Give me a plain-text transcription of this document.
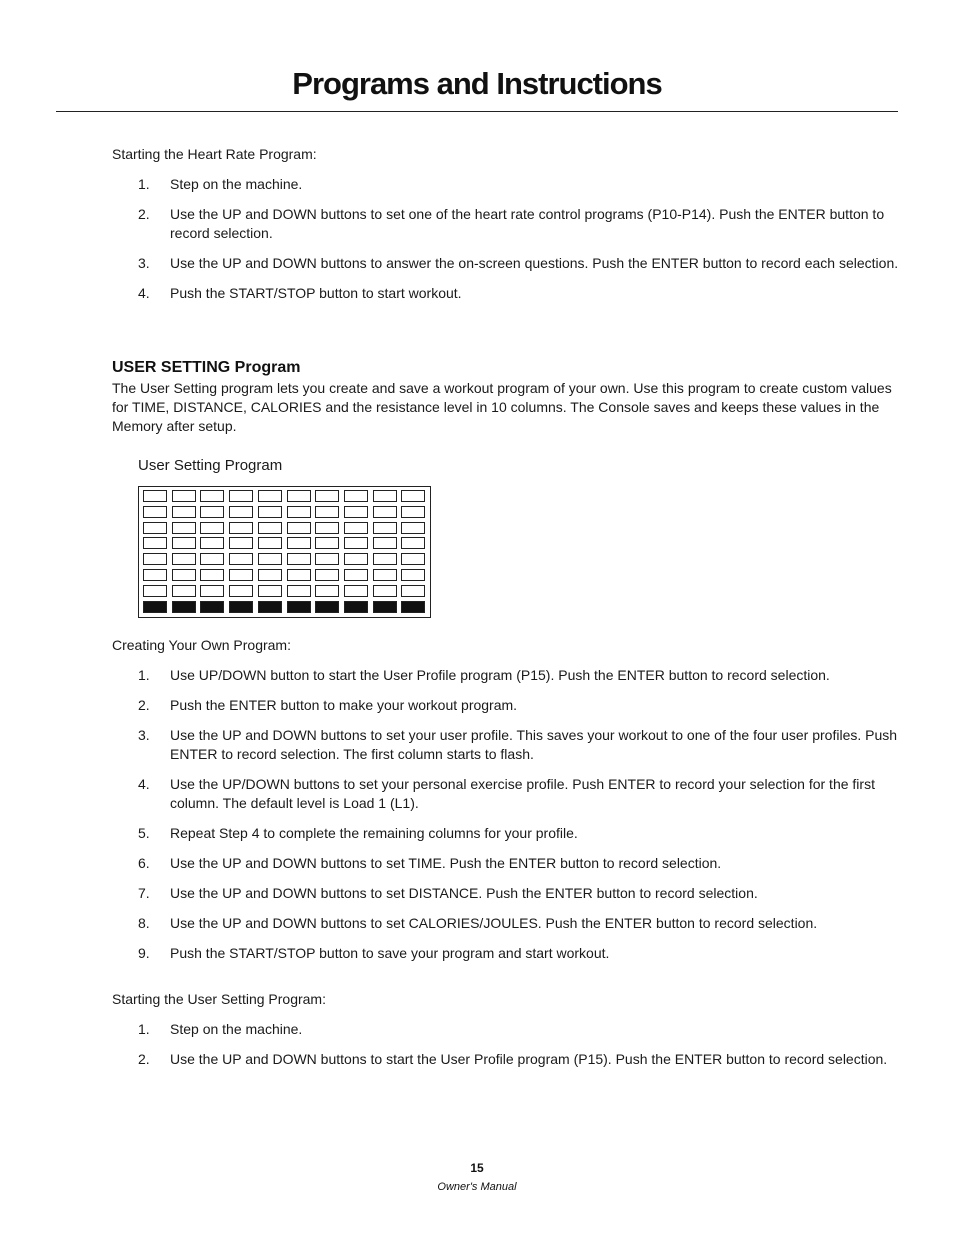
Programs and Instructions

Starting the Heart Rate Program:

1. Step on the machine.
2. Use the UP and DOWN buttons to set one of the heart rate control programs (P10-P14). Push the ENTER button to record selection.
3. Use the UP and DOWN buttons to answer the on-screen questions. Push the ENTER button to record each selection.
4. Push the START/STOP button to start workout.
USER SETTING Program

The User Setting program lets you create and save a workout program of your own. Use this program to create custom values for TIME, DISTANCE, CALORIES and the resistance level in 10 columns. The Console saves and keeps these values in the Memory after setup.

User Setting Program

Creating Your Own Program:

1. Use UP/DOWN button to start the User Profile program (P15). Push the ENTER button to record selection.
2. Push the ENTER button to make your workout program.
3. Use the UP and DOWN buttons to set your user profile. This saves your workout to one of the four user profiles. Push ENTER to record selection. The first column starts to flash.
4. Use the UP/DOWN buttons to set your personal exercise profile. Push ENTER to record your selection for the first column. The default level is Load 1 (L1).
5. Repeat Step 4 to complete the remaining columns for your profile.
6. Use the UP and DOWN buttons to set TIME. Push the ENTER button to record selection.
7. Use the UP and DOWN buttons to set DISTANCE. Push the ENTER button to record selection.
8. Use the UP and DOWN buttons to set CALORIES/JOULES. Push the ENTER button to record selection.
9. Push the START/STOP button to save your program and start workout.

Starting the User Setting Program:

1. Step on the machine.
2. Use the UP and DOWN buttons to start the User Profile program (P15). Push the ENTER button to record selection.
15
Owner's Manual
